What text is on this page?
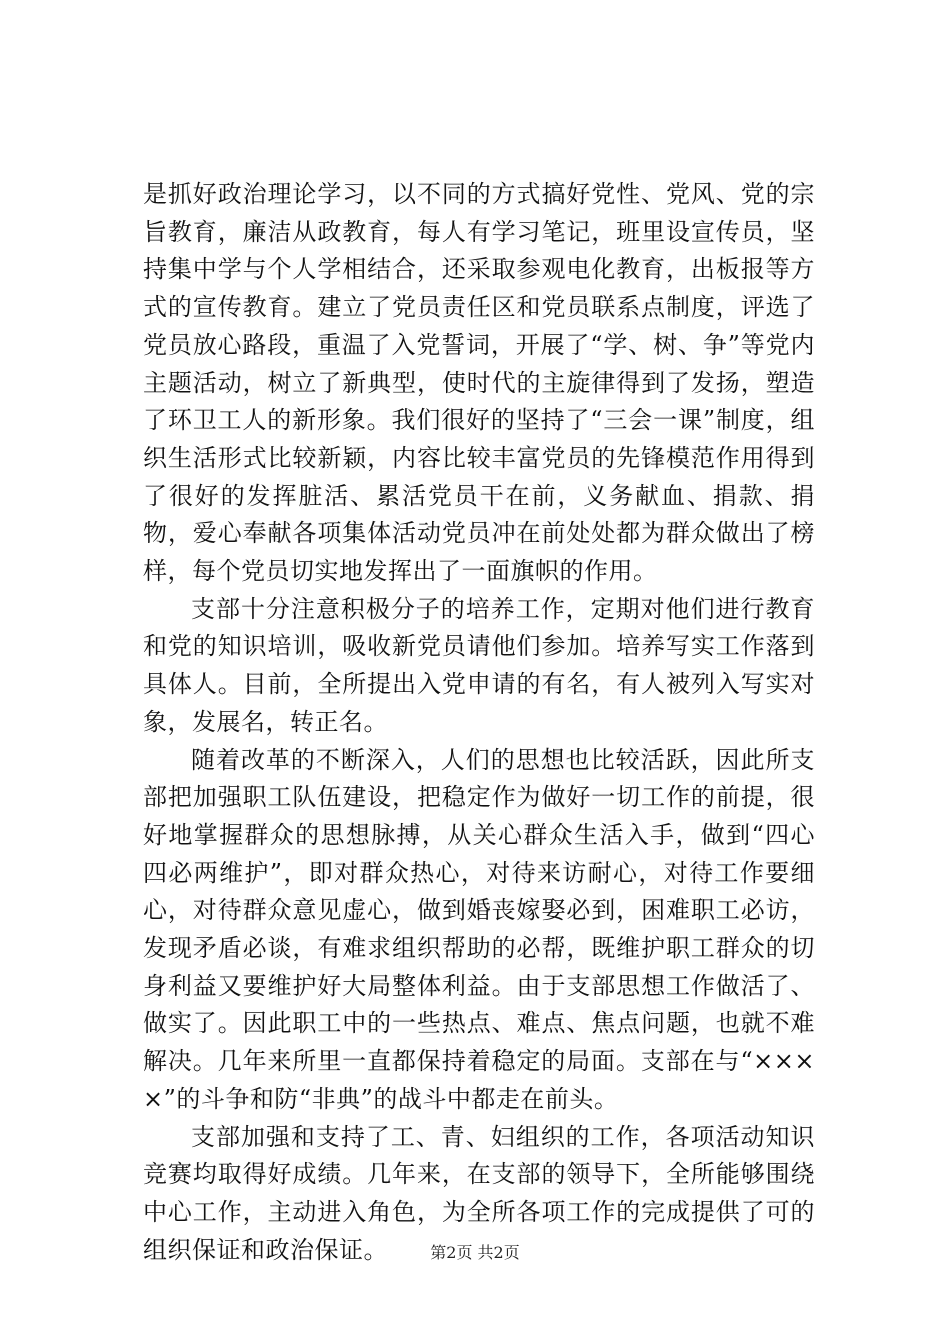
是抓好政治理论学习，以不同的方式搞好党性、党风、党的宗旨教育，廉洁从政教育，每人有学习笔记，班里设宣传员，坚持集中学与个人学相结合，还采取参观电化教育，出板报等方式的宣传教育。建立了党员责任区和党员联系点制度，评选了党员放心路段，重温了入党誓词，开展了“学、树、争”等党内主题活动，树立了新典型，使时代的主旋律得到了发扬，塑造了环卫工人的新形象。我们很好的坚持了“三会一课”制度，组织生活形式比较新颖，内容比较丰富党员的先锋模范作用得到了很好的发挥脏活、累活党员干在前，义务献血、捐款、捐物，爱心奉献各项集体活动党员冲在前处处都为群众做出了榜样，每个党员切实地发挥出了一面旗帜的作用。

支部十分注意积极分子的培养工作，定期对他们进行教育和党的知识培训，吸收新党员请他们参加。培养写实工作落到具体人。目前，全所提出入党申请的有名，有人被列入写实对象，发展名，转正名。

随着改革的不断深入，人们的思想也比较活跃，因此所支部把加强职工队伍建设，把稳定作为做好一切工作的前提，很好地掌握群众的思想脉搏，从关心群众生活入手，做到“四心四必两维护”，即对群众热心，对待来访耐心，对待工作要细心，对待群众意见虚心，做到婚丧嫁娶必到，困难职工必访，发现矛盾必谈，有难求组织帮助的必帮，既维护职工群众的切身利益又要维护好大局整体利益。由于支部思想工作做活了、做实了。因此职工中的一些热点、难点、焦点问题，也就不难解决。几年来所里一直都保持着稳定的局面。支部在与“××××”的斗争和防“非典”的战斗中都走在前头。

支部加强和支持了工、青、妇组织的工作，各项活动知识竞赛均取得好成绩。几年来，在支部的领导下，全所能够围绕中心工作，主动进入角色，为全所各项工作的完成提供了可的组织保证和政治保证。	第2页 共2页
